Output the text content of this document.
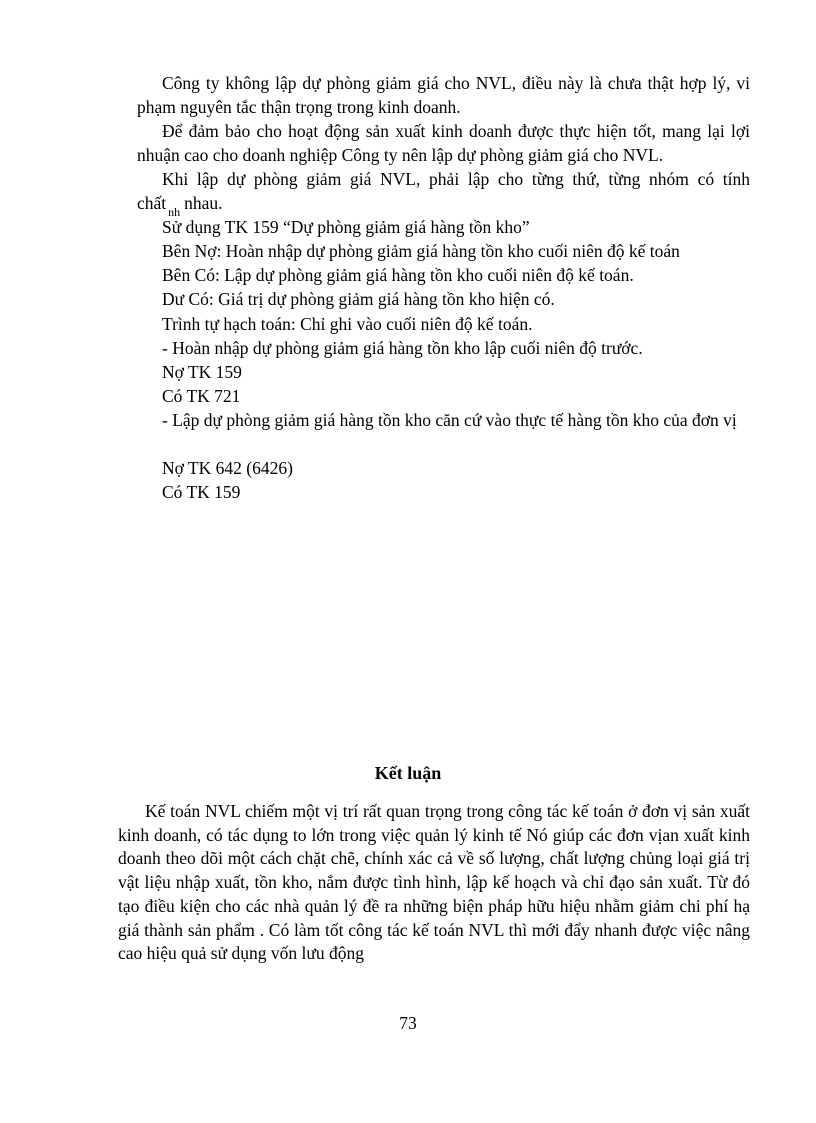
Công ty không lập dự phòng giảm giá cho NVL, điều này là chưa thật hợp lý, vi phạm nguyên tắc thận trọng trong kinh doanh.

Để đảm bảo cho hoạt động sản xuất kinh doanh được thực hiện tốt, mang lại lợi nhuận cao cho doanh nghiệp Công ty nên lập dự phòng giảm giá cho NVL.

Khi lập dự phòng giảm giá NVL, phải lập cho từng thứ, từng nhóm có tính

chất $_{nh}$ nhau.

Sử dụng TK 159 “Dự phòng giảm giá hàng tồn kho”

Bên Nợ: Hoàn nhập dự phòng giảm giá hàng tồn kho cuối niên độ kế toán

Bên Có: Lập dự phòng giảm giá hàng tồn kho cuối niên độ kế toán.

Dư Có: Giá trị dự phòng giảm giá hàng tồn kho hiện có.

Trình tự hạch toán: Chỉ ghi vào cuối niên độ kế toán.

- Hoàn nhập dự phòng giảm giá hàng tồn kho lập cuối niên độ trước.

Nợ TK 159

Có TK 721

- Lập dự phòng giảm giá hàng tồn kho căn cứ vào thực tế hàng tồn kho của đơn vị

Nợ TK 642 (6426)

Có TK 159

Kết luận

Kế toán NVL chiếm một vị trí rất quan trọng trong công tác kế toán ở đơn vị sản xuất kinh doanh, có tác dụng to lớn trong việc quản lý kinh tế Nó giúp các đơn vịan xuất kinh doanh theo dõi một cách chặt chẽ, chính xác cả về số lượng, chất lượng chủng loại giá trị vật liệu nhập xuất, tồn kho, nắm được tình hình, lập kế hoạch và chỉ đạo sản xuất. Từ đó tạo điều kiện cho các nhà quản lý đề ra những biện pháp hữu hiệu nhằm giảm chi phí hạ giá thành sản phẩm . Có làm tốt công tác kế toán NVL thì mới đẩy nhanh được việc nâng cao hiệu quả sử dụng vốn lưu động

73
